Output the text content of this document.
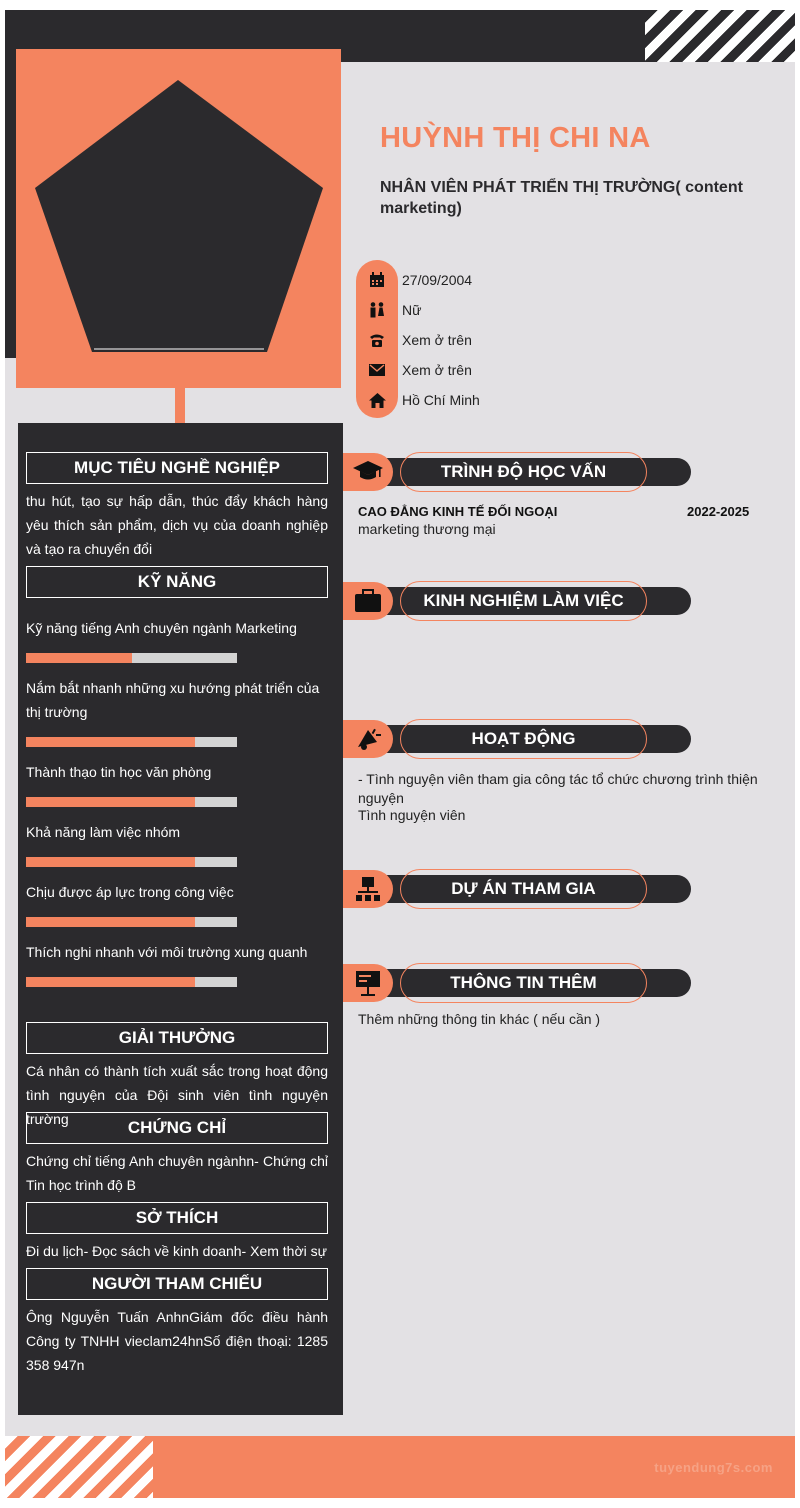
HUỲNH THỊ CHI NA
NHÂN VIÊN PHÁT TRIỂN THỊ TRƯỜNG( content marketing)
27/09/2004
Nữ
Xem ở trên
Xem ở trên
Hồ Chí Minh
MỤC TIÊU NGHỀ NGHIỆP
thu hút, tạo sự hấp dẫn, thúc đẩy khách hàng yêu thích sản phẩm, dịch vụ của doanh nghiệp và tạo ra chuyển đổi
KỸ NĂNG
Kỹ năng tiếng Anh chuyên ngành Marketing
Nắm bắt nhanh những xu hướng phát triển của thị trường
Thành thạo tin học văn phòng
Khả năng làm việc nhóm
Chịu được áp lực trong công việc
Thích nghi nhanh với môi trường xung quanh
GIẢI THƯỞNG
Cá nhân có thành tích xuất sắc trong hoạt động tình nguyện của Đội sinh viên tình nguyện trường	CHỨNG CHỈ
Chứng chỉ tiếng Anh chuyên ngànhn- Chứng chỉ Tin học trình độ B
SỞ THÍCH
Đi du lịch- Đọc sách về kinh doanh- Xem thời sự
NGƯỜI THAM CHIẾU
Ông Nguyễn Tuấn AnhnGiám đốc điều hành Công ty TNHH vieclam24hnSố điện thoại: 1285 358 947n
TRÌNH ĐỘ HỌC VẤN
CAO ĐẲNG KINH TẾ ĐỐI NGOẠI	2022-2025
marketing thương mại
KINH NGHIỆM LÀM VIỆC
HOẠT ĐỘNG
- Tình nguyện viên tham gia công tác tổ chức chương trình thiện nguyện
Tình nguyện viên
DỰ ÁN THAM GIA
THÔNG TIN THÊM
Thêm những thông tin khác ( nếu cần )
tuyendung7s.com
